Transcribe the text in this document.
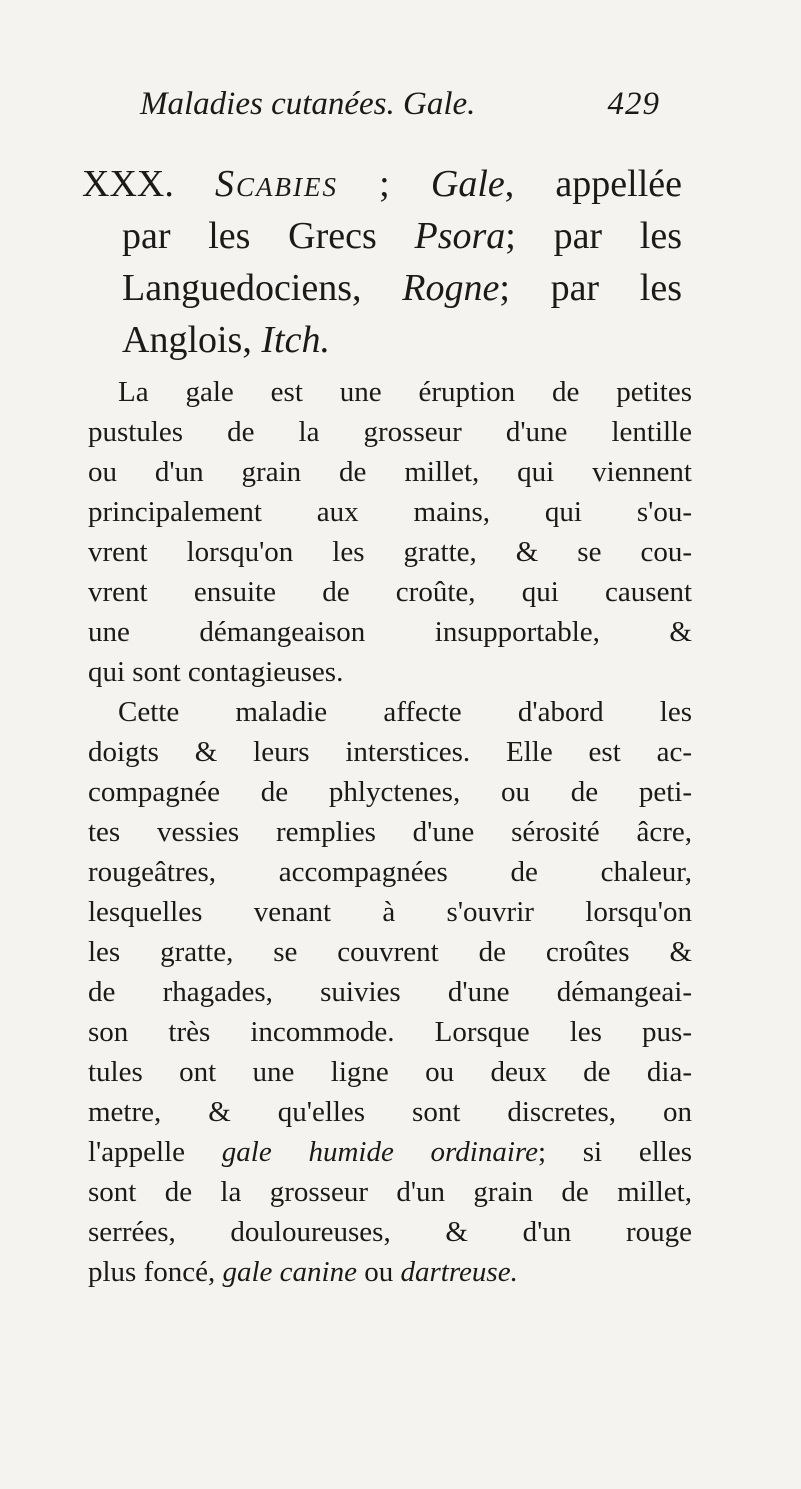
Maladies cutanées. Gale.	429
XXX. Scabies ; Gale, appellée
par les Grecs Psora; par les
Languedociens, Rogne; par les
Anglois, Itch.
La gale est une éruption de petites
pustules de la grosseur d'une lentille
ou d'un grain de millet, qui viennent
principalement aux mains, qui s'ou-
vrent lorsqu'on les gratte, & se cou-
vrent ensuite de croûte, qui causent
une démangeaison insupportable, &
qui sont contagieuses.
Cette maladie affecte d'abord les
doigts & leurs interstices. Elle est ac-
compagnée de phlyctenes, ou de peti-
tes vessies remplies d'une sérosité âcre,
rougeâtres, accompagnées de chaleur,
lesquelles venant à s'ouvrir lorsqu'on
les gratte, se couvrent de croûtes &
de rhagades, suivies d'une démangeai-
son très incommode. Lorsque les pus-
tules ont une ligne ou deux de dia-
metre, & qu'elles sont discretes, on
l'appelle gale humide ordinaire; si elles
sont de la grosseur d'un grain de millet,
serrées, douloureuses, & d'un rouge
plus foncé, gale canine ou dartreuse.
